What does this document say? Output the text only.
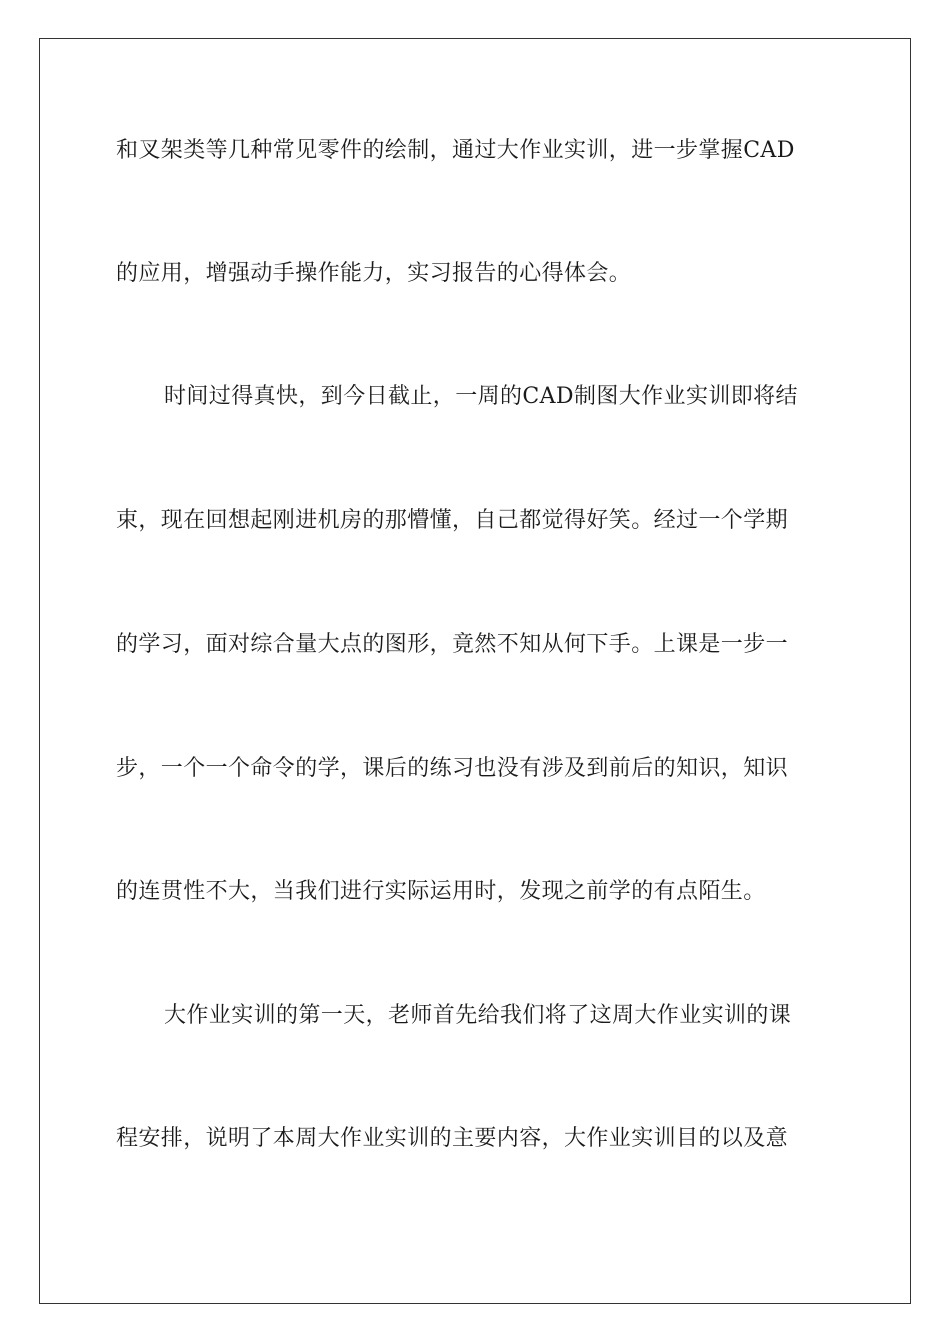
和叉架类等几种常见零件的绘制，通过大作业实训，进一步掌握CAD
的应用，增强动手操作能力，实习报告的心得体会。
时间过得真快，到今日截止，一周的CAD制图大作业实训即将结
束，现在回想起刚进机房的那懵懂，自己都觉得好笑。经过一个学期
的学习，面对综合量大点的图形，竟然不知从何下手。上课是一步一
步，一个一个命令的学，课后的练习也没有涉及到前后的知识，知识
的连贯性不大，当我们进行实际运用时，发现之前学的有点陌生。
大作业实训的第一天，老师首先给我们将了这周大作业实训的课
程安排，说明了本周大作业实训的主要内容，大作业实训目的以及意
